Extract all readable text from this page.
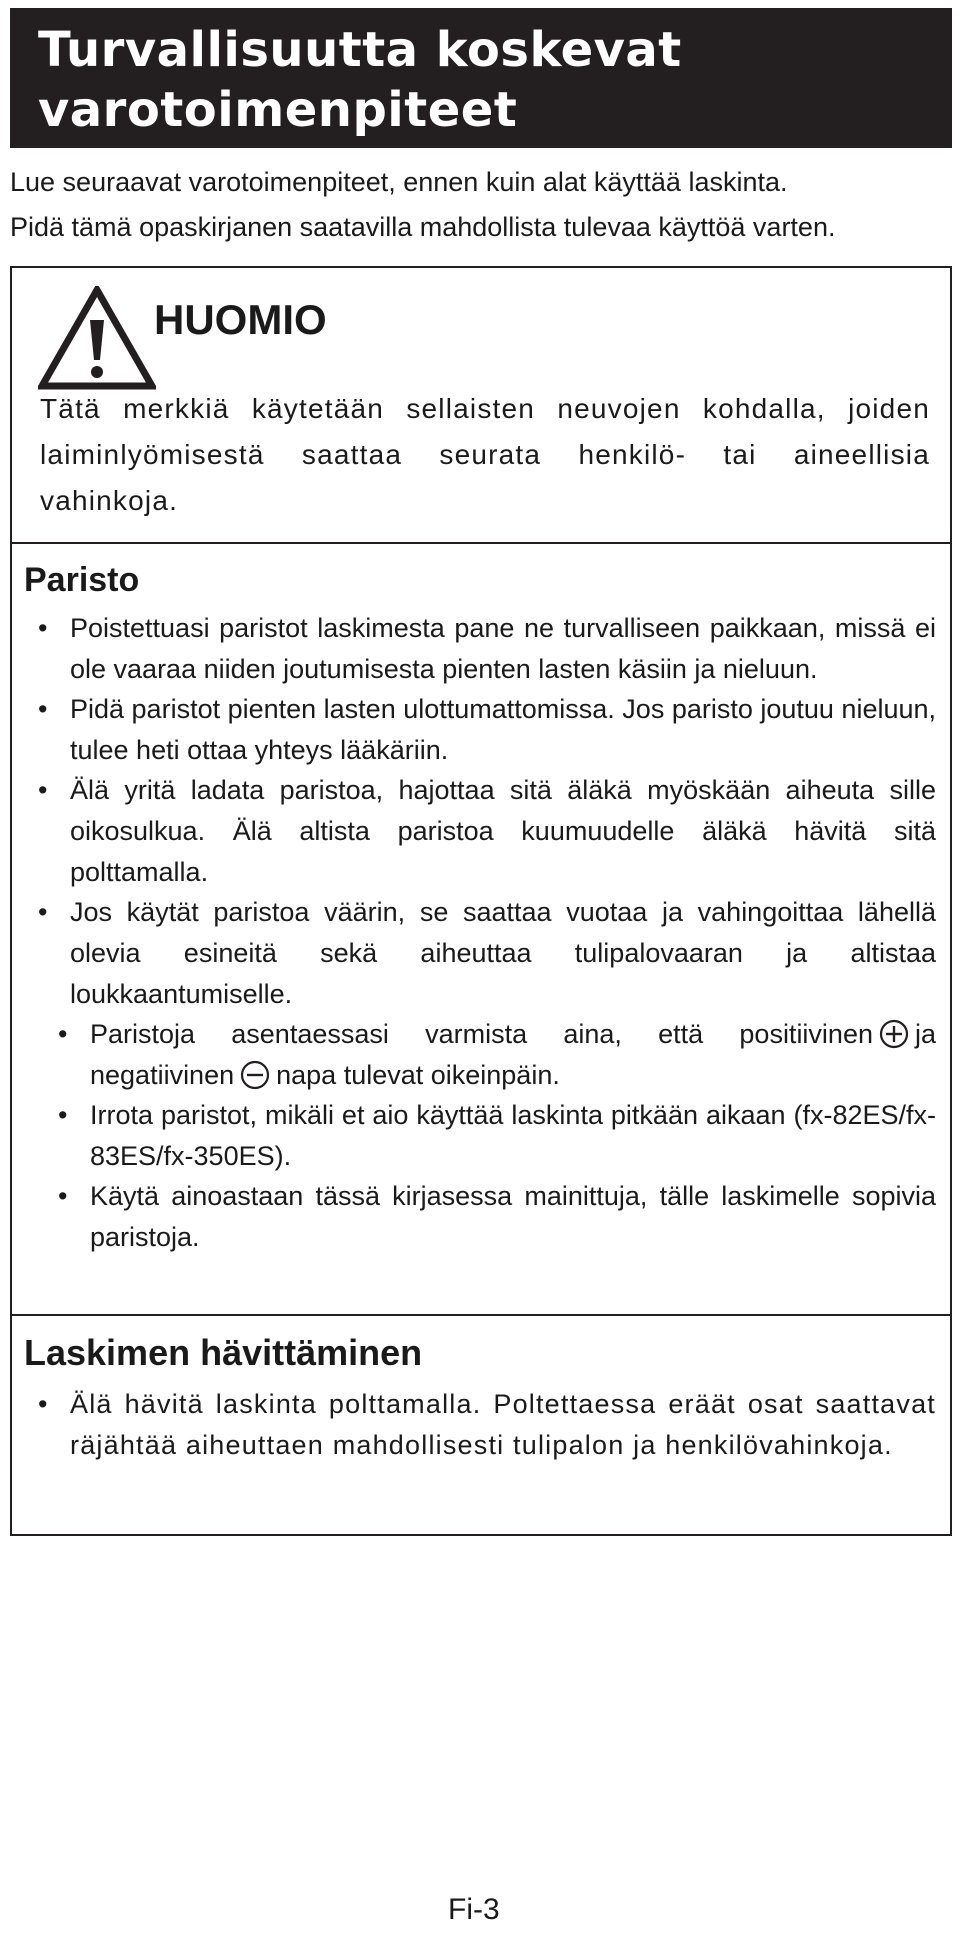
Turvallisuutta koskevat varotoimenpiteet

Lue seuraavat varotoimenpiteet, ennen kuin alat käyttää laskinta.

Pidä tämä opaskirjanen saatavilla mahdollista tulevaa käyttöä varten.

HUOMIO

Tätä merkkiä käytetään sellaisten neuvojen kohdalla, joiden laiminlyömisestä saattaa seurata henkilö- tai aineellisia vahinkoja.

Paristo
• Poistettuasi paristot laskimesta pane ne turvalliseen paikkaan, missä ei ole vaaraa niiden joutumisesta pienten lasten käsiin ja nieluun.
• Pidä paristot pienten lasten ulottumattomissa. Jos paristo joutuu nieluun, tulee heti ottaa yhteys lääkäriin.
• Älä yritä ladata paristoa, hajottaa sitä äläkä myöskään aiheuta sille oikosulkua. Älä altista paristoa kuumuudelle äläkä hävitä sitä polttamalla.
• Jos käytät paristoa väärin, se saattaa vuotaa ja vahingoittaa lähellä olevia esineitä sekä aiheuttaa tulipalovaaran ja altistaa loukkaantumiselle.
• Paristoja asentaessasi varmista aina, että positiivinen ja negatiivinen napa tulevat oikeinpäin.
• Irrota paristot, mikäli et aio käyttää laskinta pitkään aikaan (fx-82ES/fx-83ES/fx-350ES).
• Käytä ainoastaan tässä kirjasessa mainittuja, tälle laskimelle sopivia paristoja.
Laskimen hävittäminen
• Älä hävitä laskinta polttamalla. Poltettaessa eräät osat saattavat räjähtää aiheuttaen mahdollisesti tulipalon ja henkilövahinkoja.
Fi-3
